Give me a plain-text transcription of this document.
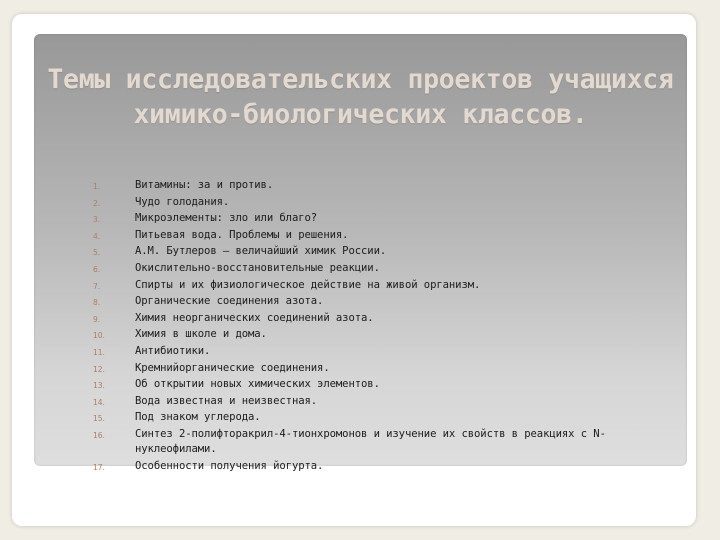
Темы исследовательских проектов учащихся химико-биологических классов.
1.	Витамины: за и против.
2.	Чудо голодания.
3.	Микроэлементы: зло или благо?
4.	Питьевая вода. Проблемы и решения.
5.	А.М. Бутлеров – величайший химик России.
6.	Окислительно-восстановительные реакции.
7.	Спирты и их физиологическое действие на живой организм.
8.	Органические соединения азота.
9.	Химия неорганических соединений азота.
10.	Химия в школе и дома.
11.	Антибиотики.
12.	Кремнийорганические соединения.
13.	Об открытии новых химических элементов.
14.	Вода известная и неизвестная.
15.	Под знаком углерода.
16.	Синтез 2-полифторакрил-4-тионхромонов и изучение их свойств в реакциях с N-нуклеофилами.
17.	Особенности получения йогурта.
